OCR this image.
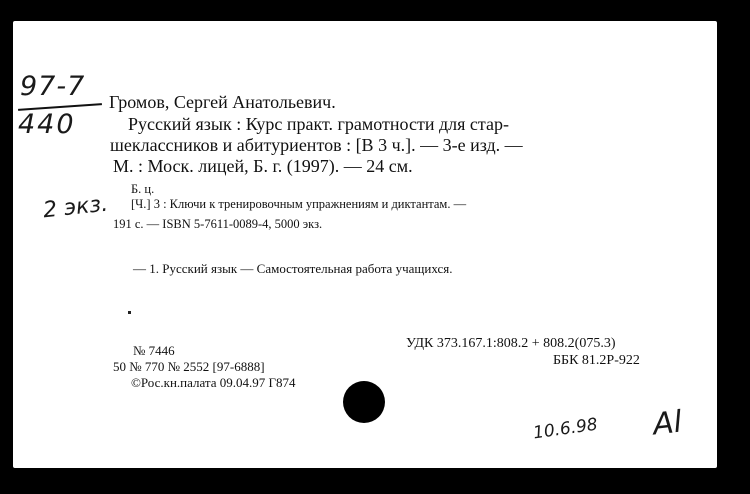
97-7
440
Громов, Сергей Анатольевич.
Русский язык : Курс практ. грамотности для стар-
шеклассников и абитуриентов : [В 3 ч.]. — 3-е изд. —
М. : Моск. лицей, Б. г. (1997). — 24 см.
Б. ц.
[Ч.] 3 : Ключи к тренировочным упражнениям и диктантам. —
191 с. — ISBN 5-7611-0089-4, 5000 экз.
2 экз.
— 1. Русский язык — Самостоятельная работа учащихся.
№ 7446
50 № 770 № 2552 [97-6888]
©Рос.кн.палата 09.04.97 Г874
УДК 373.167.1:808.2 + 808.2(075.3)
ББК 81.2Р-922
10.6.98 Al
